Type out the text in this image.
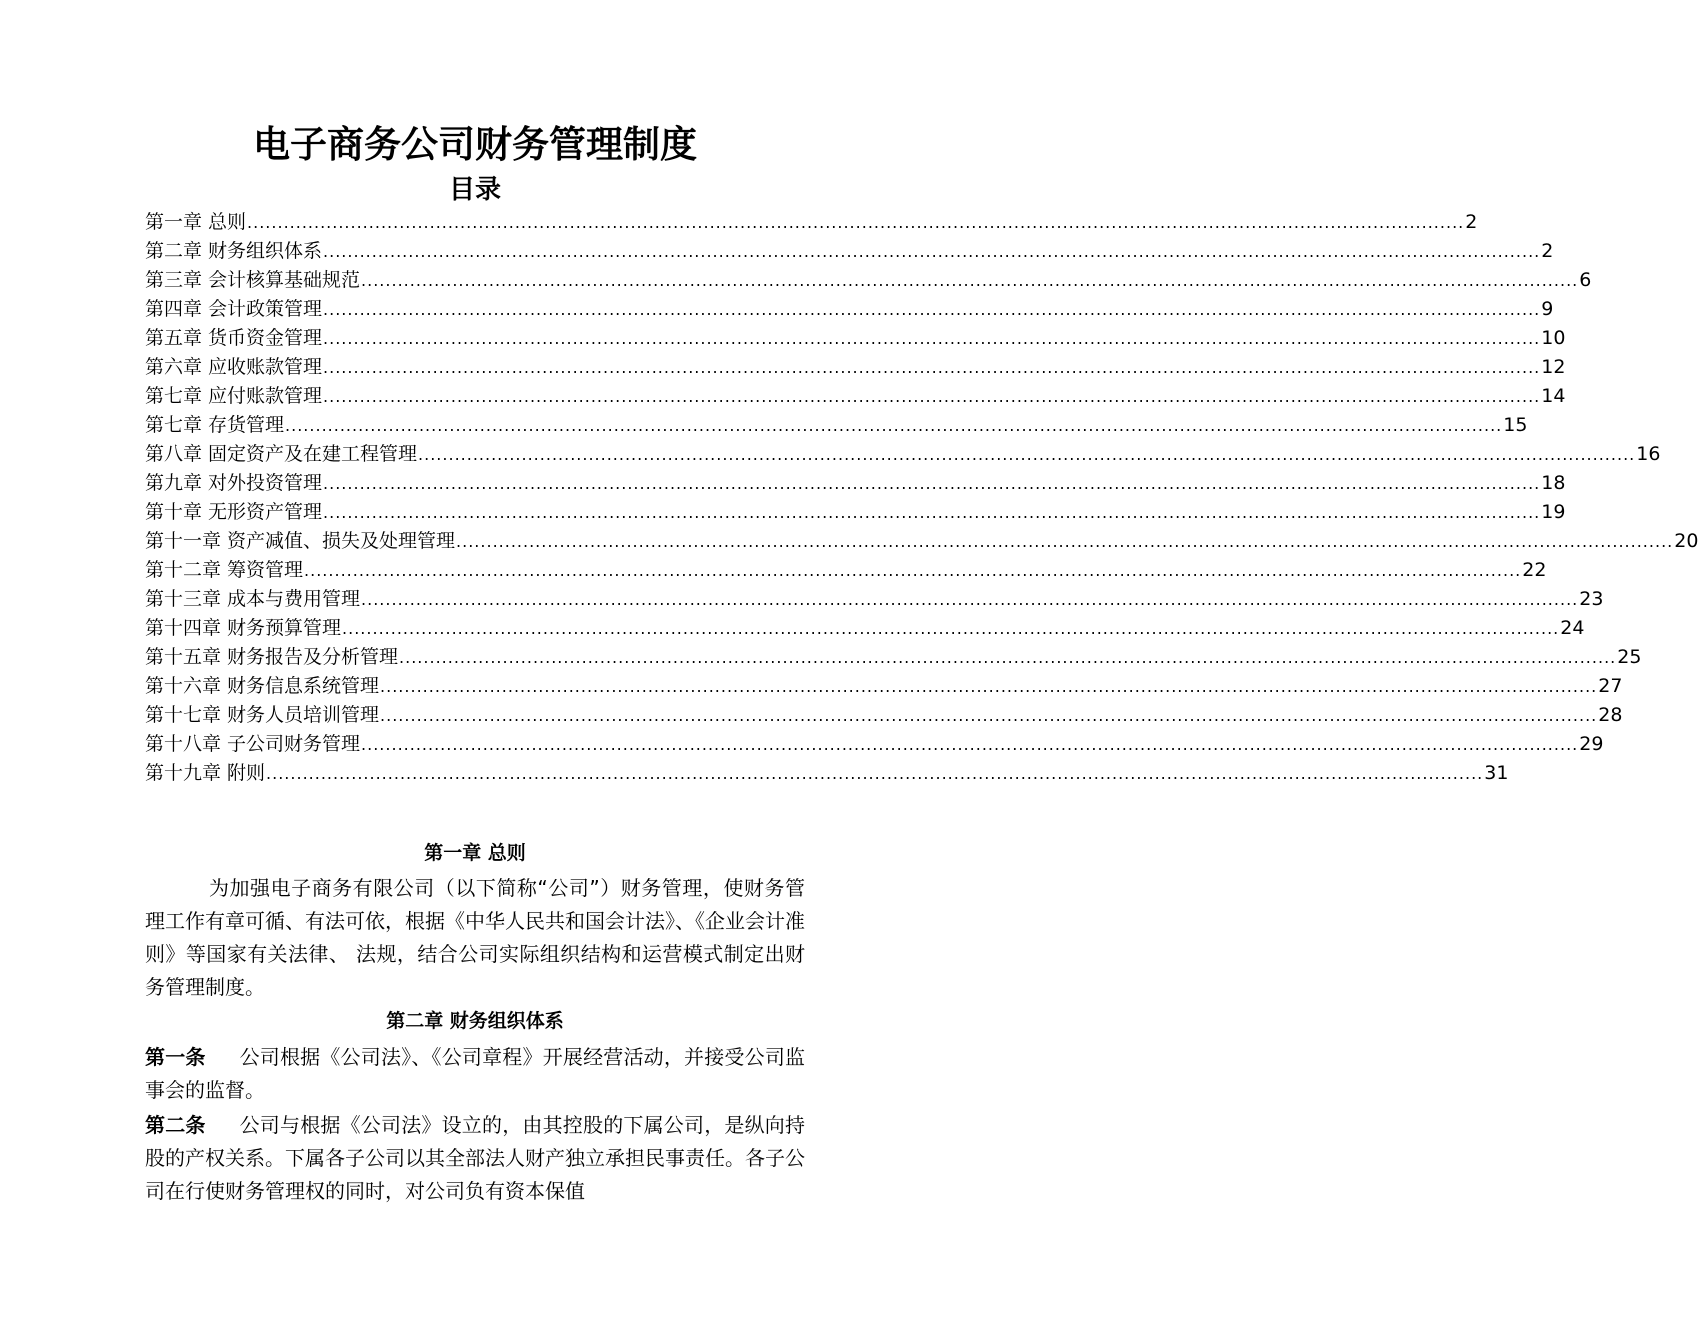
电子商务公司财务管理制度
目录
第一章 总则 ........................................................................................................................................................................................................ 2
第二章 财务组织体系 ........................................................................................................................................................................................................ 2
第三章 会计核算基础规范 ........................................................................................................................................................................................................ 6
第四章 会计政策管理 ........................................................................................................................................................................................................ 9
第五章 货币资金管理 ........................................................................................................................................................................................................ 10
第六章 应收账款管理 ........................................................................................................................................................................................................ 12
第七章 应付账款管理 ........................................................................................................................................................................................................ 14
第七章 存货管理 ........................................................................................................................................................................................................ 15
第八章 固定资产及在建工程管理 ........................................................................................................................................................................................................ 16
第九章 对外投资管理 ........................................................................................................................................................................................................ 18
第十章 无形资产管理 ........................................................................................................................................................................................................ 19
第十一章 资产减值、损失及处理管理 ........................................................................................................................................................................................................ 20
第十二章 筹资管理 ........................................................................................................................................................................................................ 22
第十三章 成本与费用管理 ........................................................................................................................................................................................................ 23
第十四章 财务预算管理 ........................................................................................................................................................................................................ 24
第十五章 财务报告及分析管理 ........................................................................................................................................................................................................ 25
第十六章 财务信息系统管理 ........................................................................................................................................................................................................ 27
第十七章 财务人员培训管理 ........................................................................................................................................................................................................ 28
第十八章 子公司财务管理 ........................................................................................................................................................................................................ 29
第十九章 附则 ........................................................................................................................................................................................................ 31

第一章 总则

为加强电子商务有限公司（以下简称“公司”）财务管理，使财务管理工作有章可循、有法可依，根据《中华人民共和国会计法》、《企业会计准则》等国家有关法律、 法规，结合公司实际组织结构和运营模式制定出财务管理制度。

第二章 财务组织体系

第一条 公司根据《公司法》、《公司章程》开展经营活动，并接受公司监事会的监督。

第二条 公司与根据《公司法》设立的，由其控股的下属公司，是纵向持股的产权关系。下属各子公司以其全部法人财产独立承担民事责任。各子公司在行使财务管理权的同时，对公司负有资本保值
